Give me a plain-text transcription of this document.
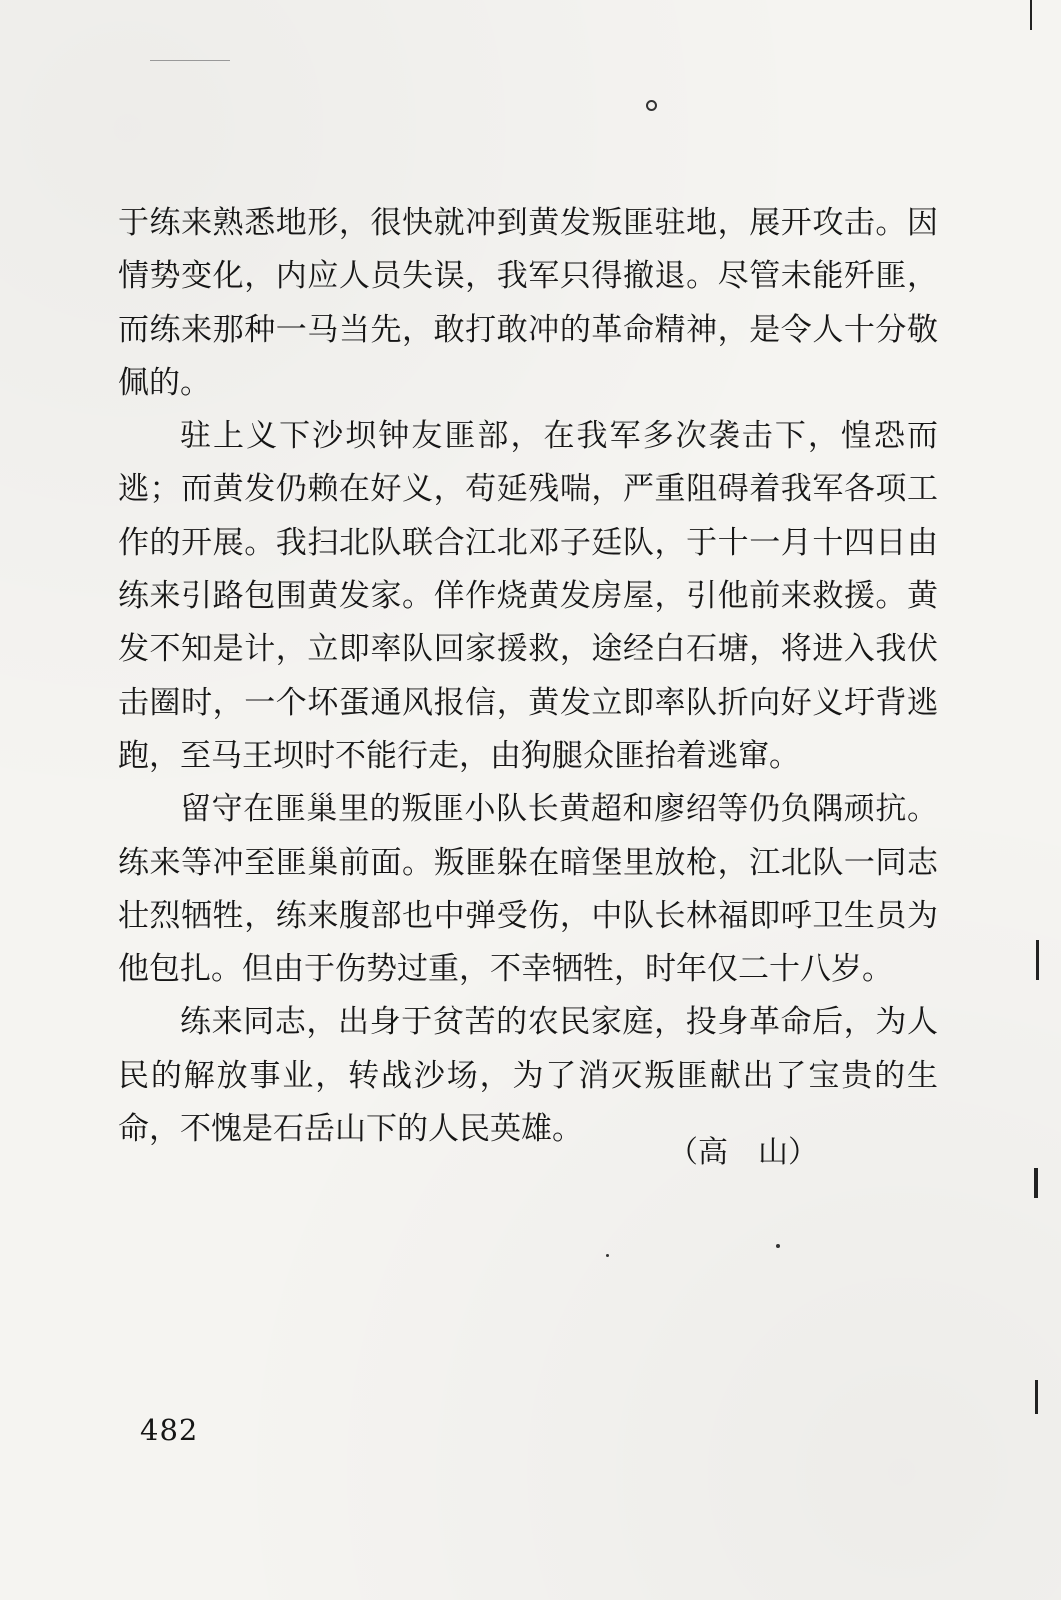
于练来熟悉地形，很快就冲到黄发叛匪驻地，展开攻击。因情势变化，内应人员失误，我军只得撤退。尽管未能歼匪，而练来那种一马当先，敢打敢冲的革命精神，是令人十分敬佩的。

驻上义下沙坝钟友匪部，在我军多次袭击下，惶恐而逃；而黄发仍赖在好义，苟延残喘，严重阻碍着我军各项工作的开展。我扫北队联合江北邓子廷队，于十一月十四日由练来引路包围黄发家。佯作烧黄发房屋，引他前来救援。黄发不知是计，立即率队回家援救，途经白石塘，将进入我伏击圈时，一个坏蛋通风报信，黄发立即率队折向好义圩背逃跑，至马王坝时不能行走，由狗腿众匪抬着逃窜。

留守在匪巢里的叛匪小队长黄超和廖绍等仍负隅顽抗。练来等冲至匪巢前面。叛匪躲在暗堡里放枪，江北队一同志壮烈牺牲，练来腹部也中弹受伤，中队长林福即呼卫生员为他包扎。但由于伤势过重，不幸牺牲，时年仅二十八岁。

练来同志，出身于贫苦的农民家庭，投身革命后，为人民的解放事业，转战沙场，为了消灭叛匪献出了宝贵的生命，不愧是石岳山下的人民英雄。

（高　山）
482
